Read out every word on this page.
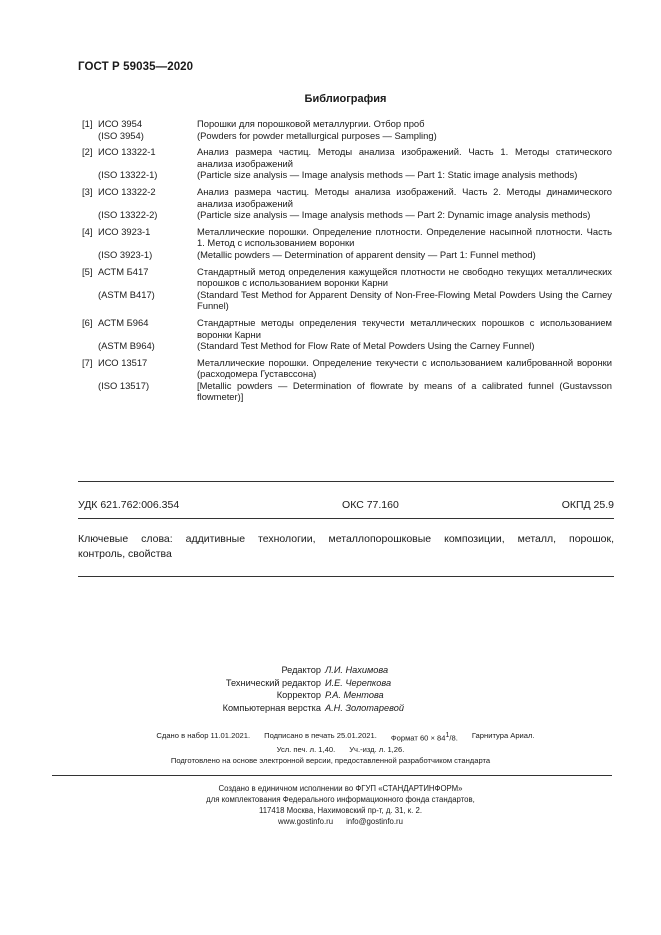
ГОСТ Р 59035—2020
Библиография
[1] ИСО 3954	Порошки для порошковой металлургии. Отбор проб
(ISO 3954)	(Powders for powder metallurgical purposes — Sampling)
[2] ИСО 13322-1	Анализ размера частиц. Методы анализа изображений. Часть 1. Методы статического анализа изображений
(ISO 13322-1)	(Particle size analysis — Image analysis methods — Part 1: Static image analysis methods)
[3] ИСО 13322-2	Анализ размера частиц. Методы анализа изображений. Часть 2. Методы динамического анализа изображений
(ISO 13322-2)	(Particle size analysis — Image analysis methods — Part 2: Dynamic image analysis methods)
[4] ИСО 3923-1	Металлические порошки. Определение плотности. Определение насыпной плотности. Часть 1. Метод с использованием воронки
(ISO 3923-1)	(Metallic powders — Determination of apparent density — Part 1: Funnel method)
[5] АСТМ Б417	Стандартный метод определения кажущейся плотности не свободно текущих металлических порошков с использованием воронки Карни
(ASTM B417)	(Standard Test Method for Apparent Density of Non-Free-Flowing Metal Powders Using the Carney Funnel)
[6] АСТМ Б964	Стандартные методы определения текучести металлических порошков с использованием воронки Карни
(ASTM B964)	(Standard Test Method for Flow Rate of Metal Powders Using the Carney Funnel)
[7] ИСО 13517	Металлические порошки. Определение текучести с использованием калиброванной воронки (расходомера Густавссона)
(ISO 13517)	[Metallic powders — Determination of flowrate by means of a calibrated funnel (Gustavsson flowmeter)]
УДК 621.762:006.354	ОКС 77.160	ОКПД 25.9
Ключевые слова: аддитивные технологии, металлопорошковые композиции, металл, порошок,
контроль, свойства
Редактор Л.И. Нахимова
Технический редактор И.Е. Черепкова
Корректор Р.А. Ментова
Компьютерная верстка А.Н. Золотаревой
Сдано в набор 11.01.2021. Подписано в печать 25.01.2021. Формат 60 × 841/8. Гарнитура Ариал.
Усл. печ. л. 1,40. Уч.-изд. л. 1,26.
Подготовлено на основе электронной версии, предоставленной разработчиком стандарта
Создано в единичном исполнении во ФГУП «СТАНДАРТИНФОРМ»
для комплектования Федерального информационного фонда стандартов,
117418 Москва, Нахимовский пр-т, д. 31, к. 2.
www.gostinfo.ru info@gostinfo.ru
